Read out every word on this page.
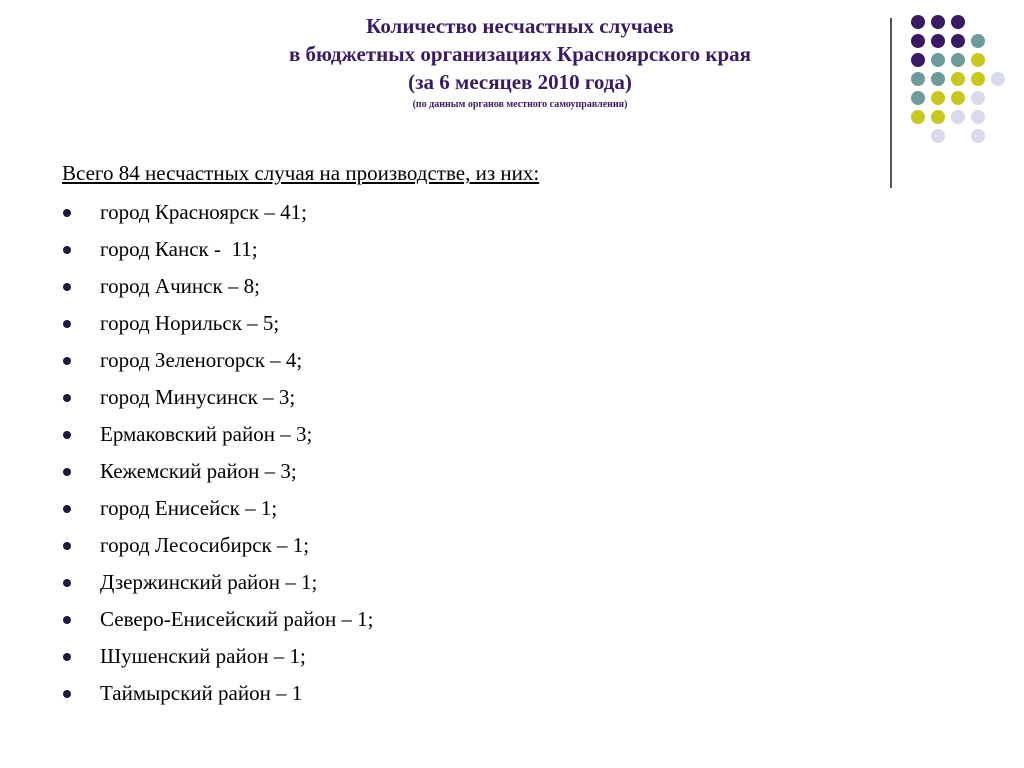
Количество несчастных случаев
в бюджетных организациях Красноярского края
(за 6 месяцев 2010 года)
(по данным органов местного самоуправления)

Всего 84 несчастных случая на производстве, из них:

город Красноярск – 41;
город Канск -  11;
город Ачинск – 8;
город Норильск – 5;
город Зеленогорск – 4;
город Минусинск – 3;
Ермаковский район – 3;
Кежемский район – 3;
город Енисейск – 1;
город Лесосибирск – 1;
Дзержинский район – 1;
Северо-Енисейский район – 1;
Шушенский район – 1;
Таймырский район – 1
